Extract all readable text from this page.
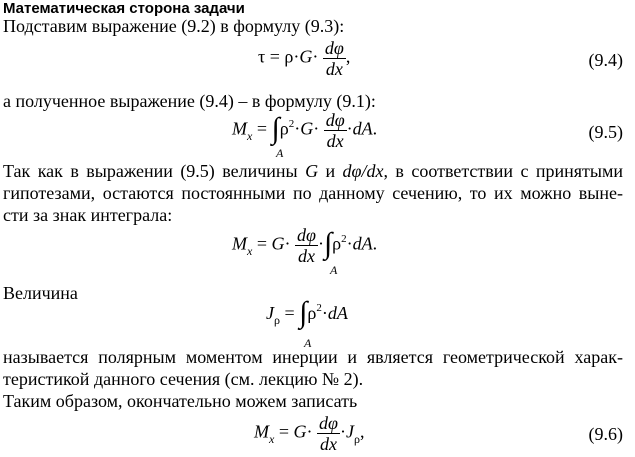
Математическая сторона задачи
Подставим выражение (9.2) в формулу (9.3):
$\tau = \rho\cdot G\cdot \frac{d\varphi}{dx}$ ,	(9.4)
а полученное выражение (9.4) – в формулу (9.1):
$M_x = \int\rho^2\cdot G\cdot \frac{d\varphi}{dx} \cdot dA$.
A
(9.5)
Так как в выражении (9.5) величины G и dφ/dx, в соответствии с принятыми
гипотезами, остаются постоянными по данному сечению, то их можно выне-
сти за знак интеграла:
$M_x = G\cdot \frac{d\varphi}{dx} \cdot\int\rho^2\cdot dA$.
A
Величина
$J_\rho = \int\rho^2\cdot dA$
A
называется полярным моментом инерции и является геометрической харак-
теристикой данного сечения (см. лекцию № 2).
Таким образом, окончательно можем записать
$M_x = G\cdot \frac{d\varphi}{dx} \cdot J_\rho$,	(9.6)
